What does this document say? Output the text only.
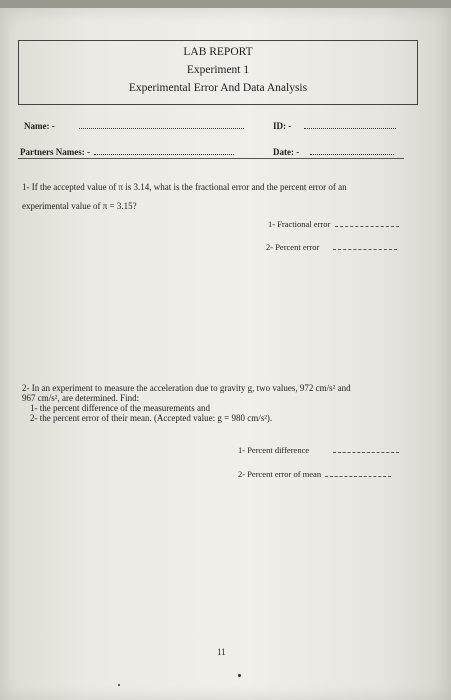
LAB REPORT
Experiment 1
Experimental Error And Data Analysis
Name: -	ID: -
Partners Names: -	Date: -
1- If the accepted value of π is 3.14, what is the fractional error and the percent error of an
experimental value of π = 3.15?
1- Fractional error
2- Percent error
2- In an experiment to measure the acceleration due to gravity g, two values, 972 cm/s² and
967 cm/s², are determined. Find:
1- the percent difference of the measurements and
2- the percent error of their mean. (Accepted value: g = 980 cm/s²).
1- Percent difference
2- Percent error of mean
11
